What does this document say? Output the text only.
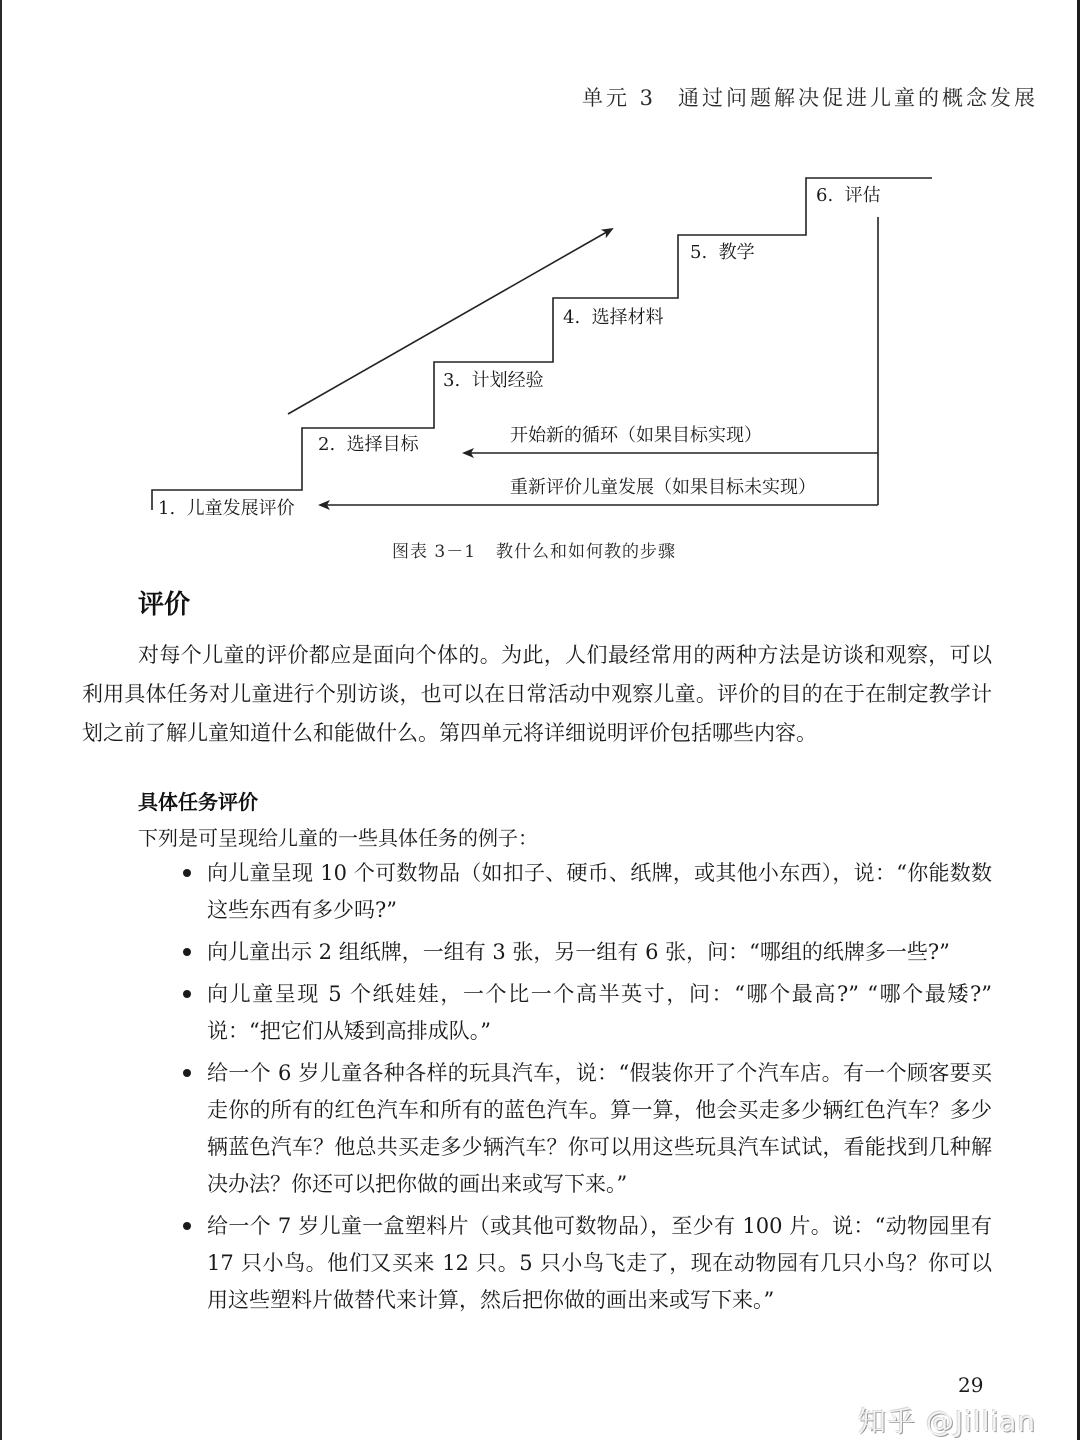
单元 3 通过问题解决促进儿童的概念发展
1.  儿童发展评价
2.  选择目标
3.  计划经验
4.  选择材料
5.  教学
6.  评估
开始新的循环（如果目标实现）
重新评价儿童发展（如果目标未实现）
图表 3－1 教什么和如何教的步骤
评价
对每个儿童的评价都应是面向个体的。为此，人们最经常用的两种方法是访谈和观察，可以利用具体任务对儿童进行个别访谈，也可以在日常活动中观察儿童。评价的目的在于在制定教学计划之前了解儿童知道什么和能做什么。第四单元将详细说明评价包括哪些内容。
具体任务评价
下列是可呈现给儿童的一些具体任务的例子：
向儿童呈现 10 个可数物品（如扣子、硬币、纸牌，或其他小东西），说：“你能数数这些东西有多少吗?”
向儿童出示 2 组纸牌，一组有 3 张，另一组有 6 张，问：“哪组的纸牌多一些?”
向儿童呈现 5 个纸娃娃，一个比一个高半英寸，问：“哪个最高?” “哪个最矮?” 说：“把它们从矮到高排成队。”
给一个 6 岁儿童各种各样的玩具汽车，说：“假装你开了个汽车店。有一个顾客要买走你的所有的红色汽车和所有的蓝色汽车。算一算，他会买走多少辆红色汽车？多少辆蓝色汽车？他总共买走多少辆汽车？你可以用这些玩具汽车试试，看能找到几种解决办法？你还可以把你做的画出来或写下来。”
给一个 7 岁儿童一盒塑料片（或其他可数物品），至少有 100 片。说：“动物园里有 17 只小鸟。他们又买来 12 只。5 只小鸟飞走了，现在动物园有几只小鸟？你可以用这些塑料片做替代来计算，然后把你做的画出来或写下来。”
29
知乎 @Jillian
